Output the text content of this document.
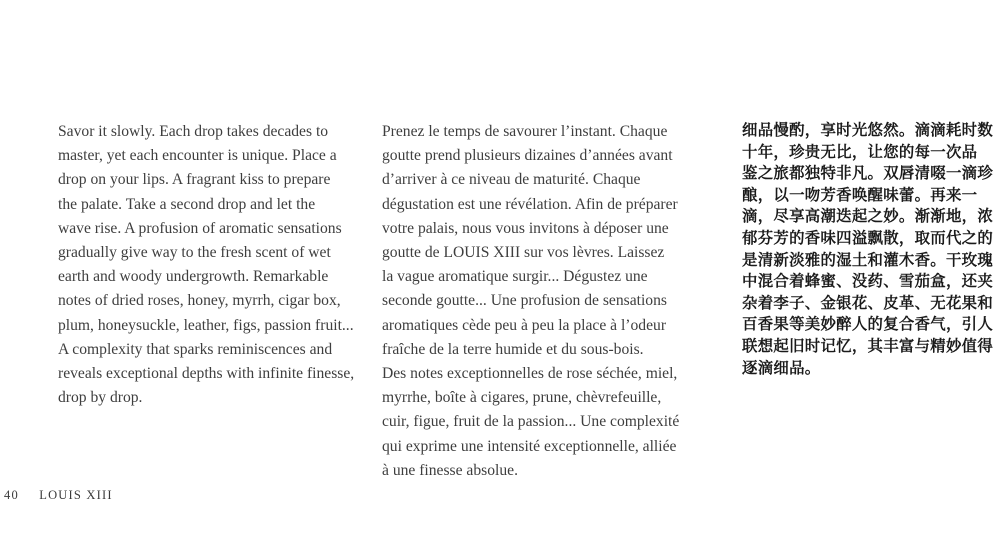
Savor it slowly. Each drop takes decades to
master, yet each encounter is unique. Place a
drop on your lips. A fragrant kiss to prepare
the palate. Take a second drop and let the
wave rise. A profusion of aromatic sensations
gradually give way to the fresh scent of wet
earth and woody undergrowth. Remarkable
notes of dried roses, honey, myrrh, cigar box,
plum, honeysuckle, leather, figs, passion fruit...
A complexity that sparks reminiscences and
reveals exceptional depths with infinite finesse,
drop by drop.
Prenez le temps de savourer l’instant. Chaque
goutte prend plusieurs dizaines d’années avant
d’arriver à ce niveau de maturité. Chaque
dégustation est une révélation. Afin de préparer
votre palais, nous vous invitons à déposer une
goutte de LOUIS XIII sur vos lèvres. Laissez
la vague aromatique surgir... Dégustez une
seconde goutte... Une profusion de sensations
aromatiques cède peu à peu la place à l’odeur
fraîche de la terre humide et du sous-bois.
Des notes exceptionnelles de rose séchée, miel,
myrrhe, boîte à cigares, prune, chèvrefeuille,
cuir, figue, fruit de la passion... Une complexité
qui exprime une intensité exceptionnelle, alliée
à une finesse absolue.
细品慢酌，享时光悠然。滴滴耗时数
十年，珍贵无比，让您的每一次品
鉴之旅都独特非凡。双唇清啜一滴珍
酿，以一吻芳香唤醒味蕾。再来一
滴，尽享高潮迭起之妙。渐渐地，浓
郁芬芳的香味四溢飘散，取而代之的
是清新淡雅的湿土和灌木香。干玫瑰
中混合着蜂蜜、没药、雪茄盒，还夹
杂着李子、金银花、皮革、无花果和
百香果等美妙醉人的复合香气，引人
联想起旧时记忆，其丰富与精妙值得
逐滴细品。
40 LOUIS XIII
